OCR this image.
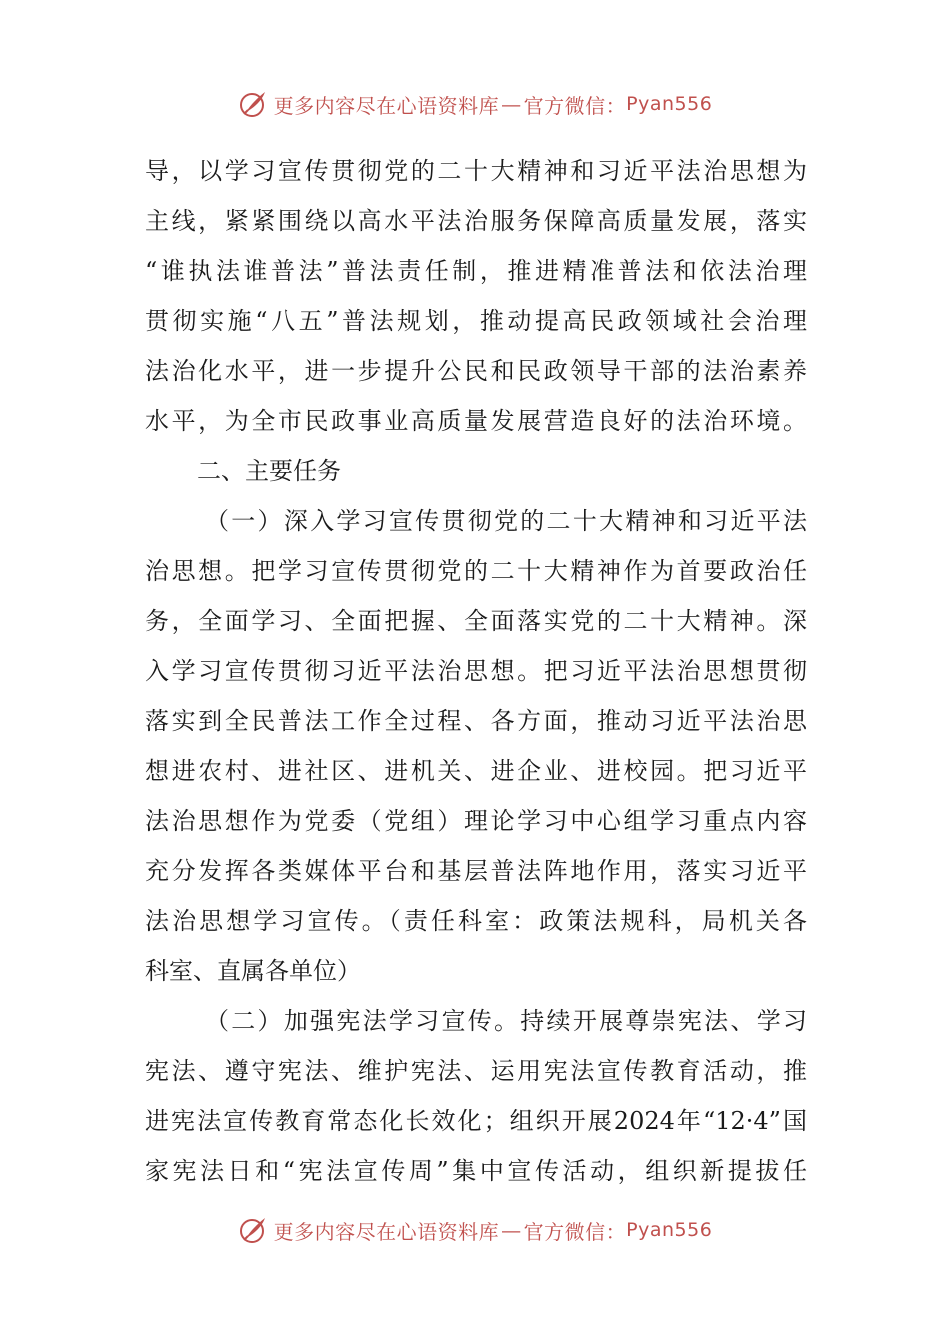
更多内容尽在心语资料库 — 官方微信： Pyan556
导，以学习宣传贯彻党的二十大精神和习近平法治思想为
主线，紧紧围绕以高水平法治服务保障高质量发展，落实
“谁执法谁普法”普法责任制，推进精准普法和依法治理
贯彻实施“八五”普法规划，推动提高民政领域社会治理
法治化水平，进一步提升公民和民政领导干部的法治素养
水平，为全市民政事业高质量发展营造良好的法治环境。
二、主要任务
（一）深入学习宣传贯彻党的二十大精神和习近平法
治思想。把学习宣传贯彻党的二十大精神作为首要政治任
务，全面学习、全面把握、全面落实党的二十大精神。深
入学习宣传贯彻习近平法治思想。把习近平法治思想贯彻
落实到全民普法工作全过程、各方面，推动习近平法治思
想进农村、进社区、进机关、进企业、进校园。把习近平
法治思想作为党委（党组）理论学习中心组学习重点内容
充分发挥各类媒体平台和基层普法阵地作用，落实习近平
法治思想学习宣传。（责任科室：政策法规科，局机关各
科室、直属各单位）
（二）加强宪法学习宣传。持续开展尊崇宪法、学习
宪法、遵守宪法、维护宪法、运用宪法宣传教育活动，推
进宪法宣传教育常态化长效化；组织开展2024年“12·4”国
家宪法日和“宪法宣传周”集中宣传活动，组织新提拔任
更多内容尽在心语资料库 — 官方微信： Pyan556
